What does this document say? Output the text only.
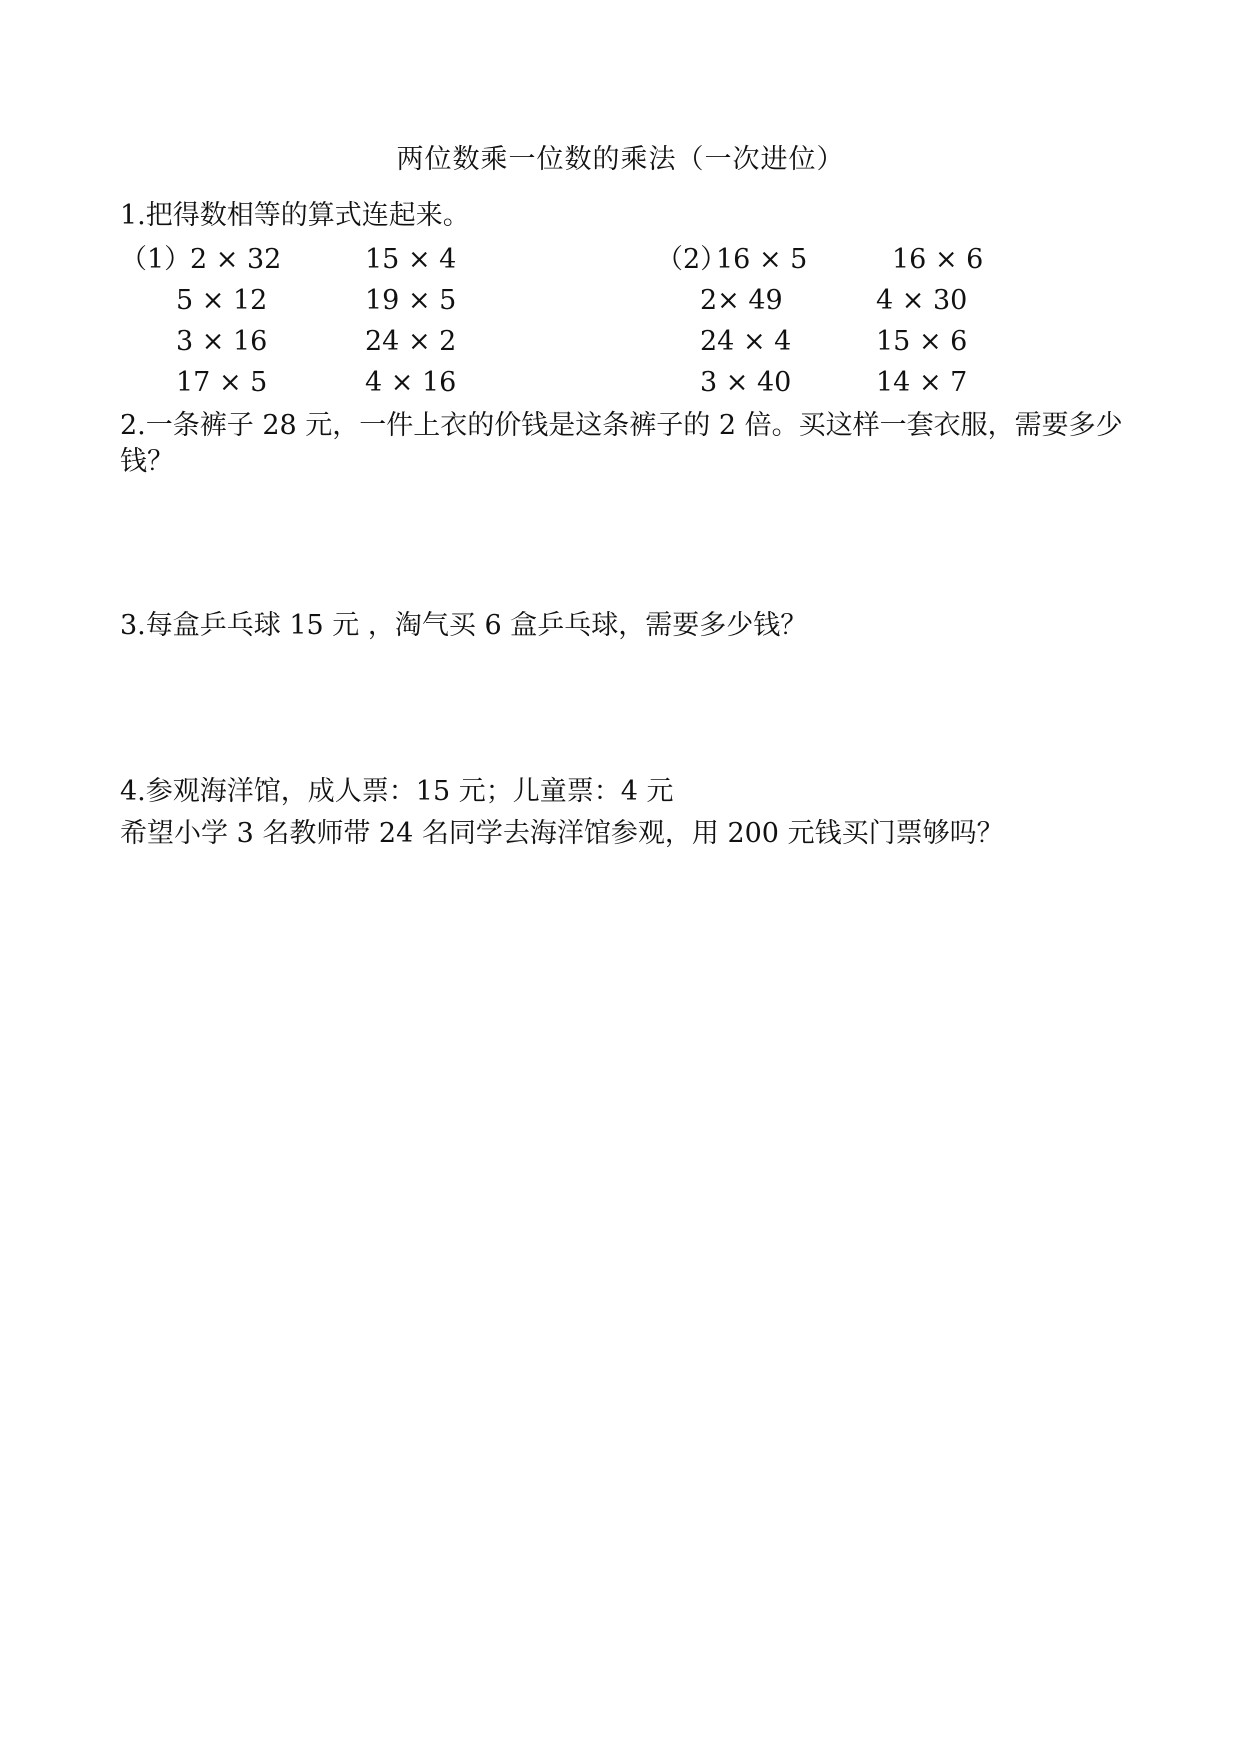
两位数乘一位数的乘法（一次进位）
1.把得数相等的算式连起来。
（1）
2 × 32
5 × 12
3 × 16
17 × 5
15 × 4
19 × 5
24 × 2
4 × 16
（2）
16 × 5
2× 49
24 × 4
3 × 40
16 × 6
4 × 30
15 × 6
14 × 7
2.一条裤子 28 元，一件上衣的价钱是这条裤子的 2 倍。买这样一套衣服，需要多少钱？
3.每盒乒乓球 15 元 ，淘气买 6 盒乒乓球，需要多少钱？
4.参观海洋馆，成人票：15 元；儿童票：4 元
希望小学 3 名教师带 24 名同学去海洋馆参观，用 200 元钱买门票够吗？
